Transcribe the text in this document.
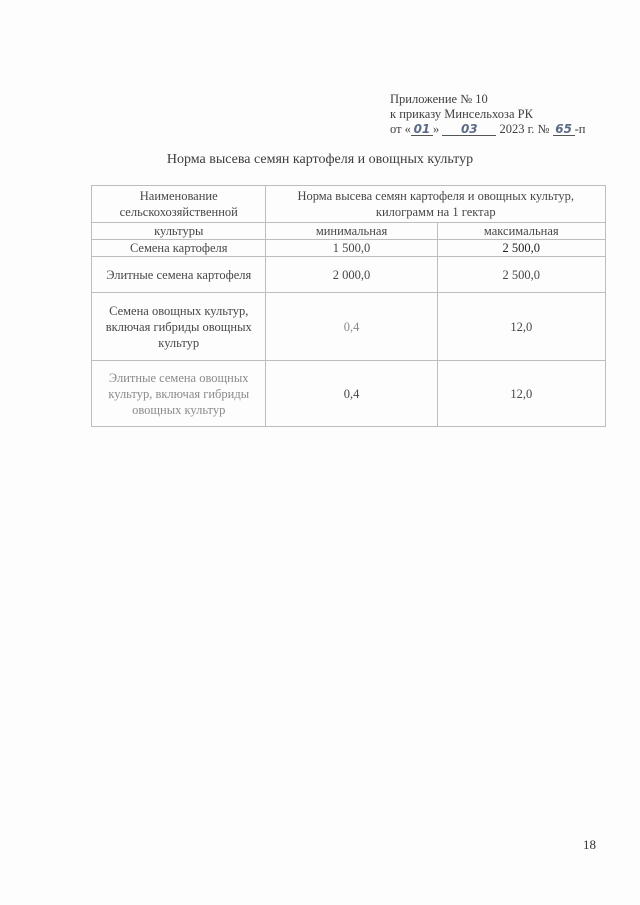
Приложение № 10
к приказу Минсельхоза РК
от « 01 » 03 2023 г. № 65 -п
Норма высева семян картофеля и овощных культур
Наименование сельскохозяйственной	Норма высева семян картофеля и овощных культур, килограмм на 1 гектар	

культуры	минимальная	максимальная
Семена картофеля	1 500,0	2 500,0
Элитные семена картофеля	2 000,0	2 500,0
Семена овощных культур, включая гибриды овощных культур	0,4	12,0
Элитные семена овощных культур, включая гибриды овощных культур	0,4	12,0
18
